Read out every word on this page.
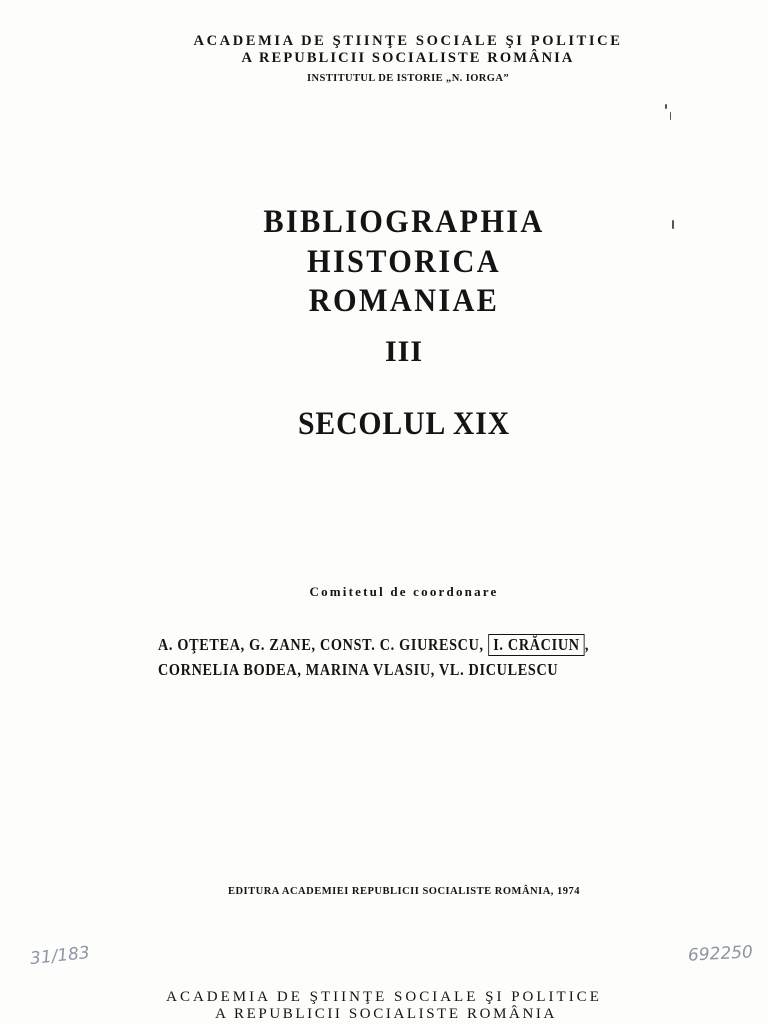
ACADEMIA DE ŞTIINŢE SOCIALE ŞI POLITICE
A REPUBLICII SOCIALISTE ROMÂNIA
INSTITUTUL DE ISTORIE „N. IORGA”
BIBLIOGRAPHIA
HISTORICA
ROMANIAE
III
SECOLUL XIX
Comitetul de coordonare
A. OŢETEA, G. ZANE, CONST. C. GIURESCU, I. CRĂCIUN ,
CORNELIA BODEA, MARINA VLASIU, VL. DICULESCU
EDITURA ACADEMIEI REPUBLICII SOCIALISTE ROMÂNIA, 1974
31/183	692250
ACADEMIA DE ŞTIINŢE SOCIALE ŞI POLITICE
A REPUBLICII SOCIALISTE ROMÂNIA
